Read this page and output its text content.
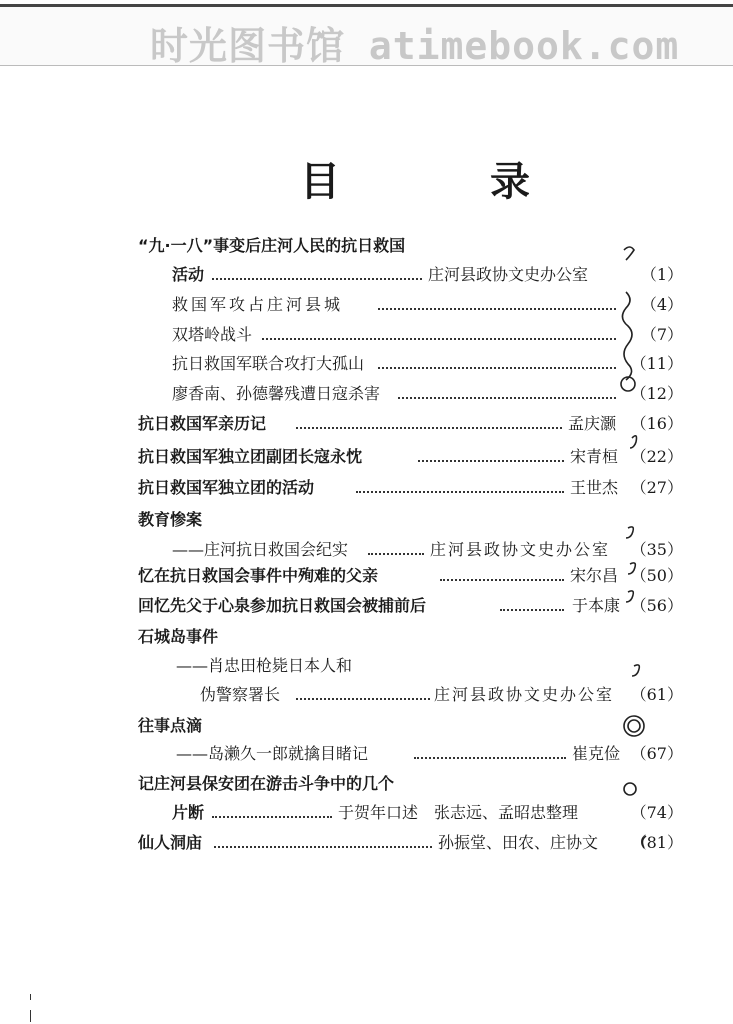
时光图书馆 atimebook.com
目	录
“九·一八”事变后庄河人民的抗日救国
活动	庄河县政协文史办公室	（1）
救国军攻占庄河县城	（4）
双塔岭战斗	（7）
抗日救国军联合攻打大孤山	（11）
廖香南、孙德馨残遭日寇杀害	（12）
抗日救国军亲历记	孟庆灏 （16）
抗日救国军独立团副团长寇永忱	宋青桓 （22）
抗日救国军独立团的活动	王世杰 （27）
教育惨案
——庄河抗日救国会纪实	庄河县政协文史办公室 （35）
忆在抗日救国会事件中殉难的父亲	宋尔昌 （50）
回忆先父于心泉参加抗日救国会被捕前后	于本康 （56）
石城岛事件
——肖忠田枪毙日本人和
伪警察署长	庄河县政协文史办公室 （61）
往事点滴
——岛濑久一郎就擒目睹记	崔克俭 （67）
记庄河县保安团在游击斗争中的几个
片断	于贺年口述　张志远、孟昭忠整理	（74）
仙人洞庙	孙振堂、田农、庄协文 （81）
